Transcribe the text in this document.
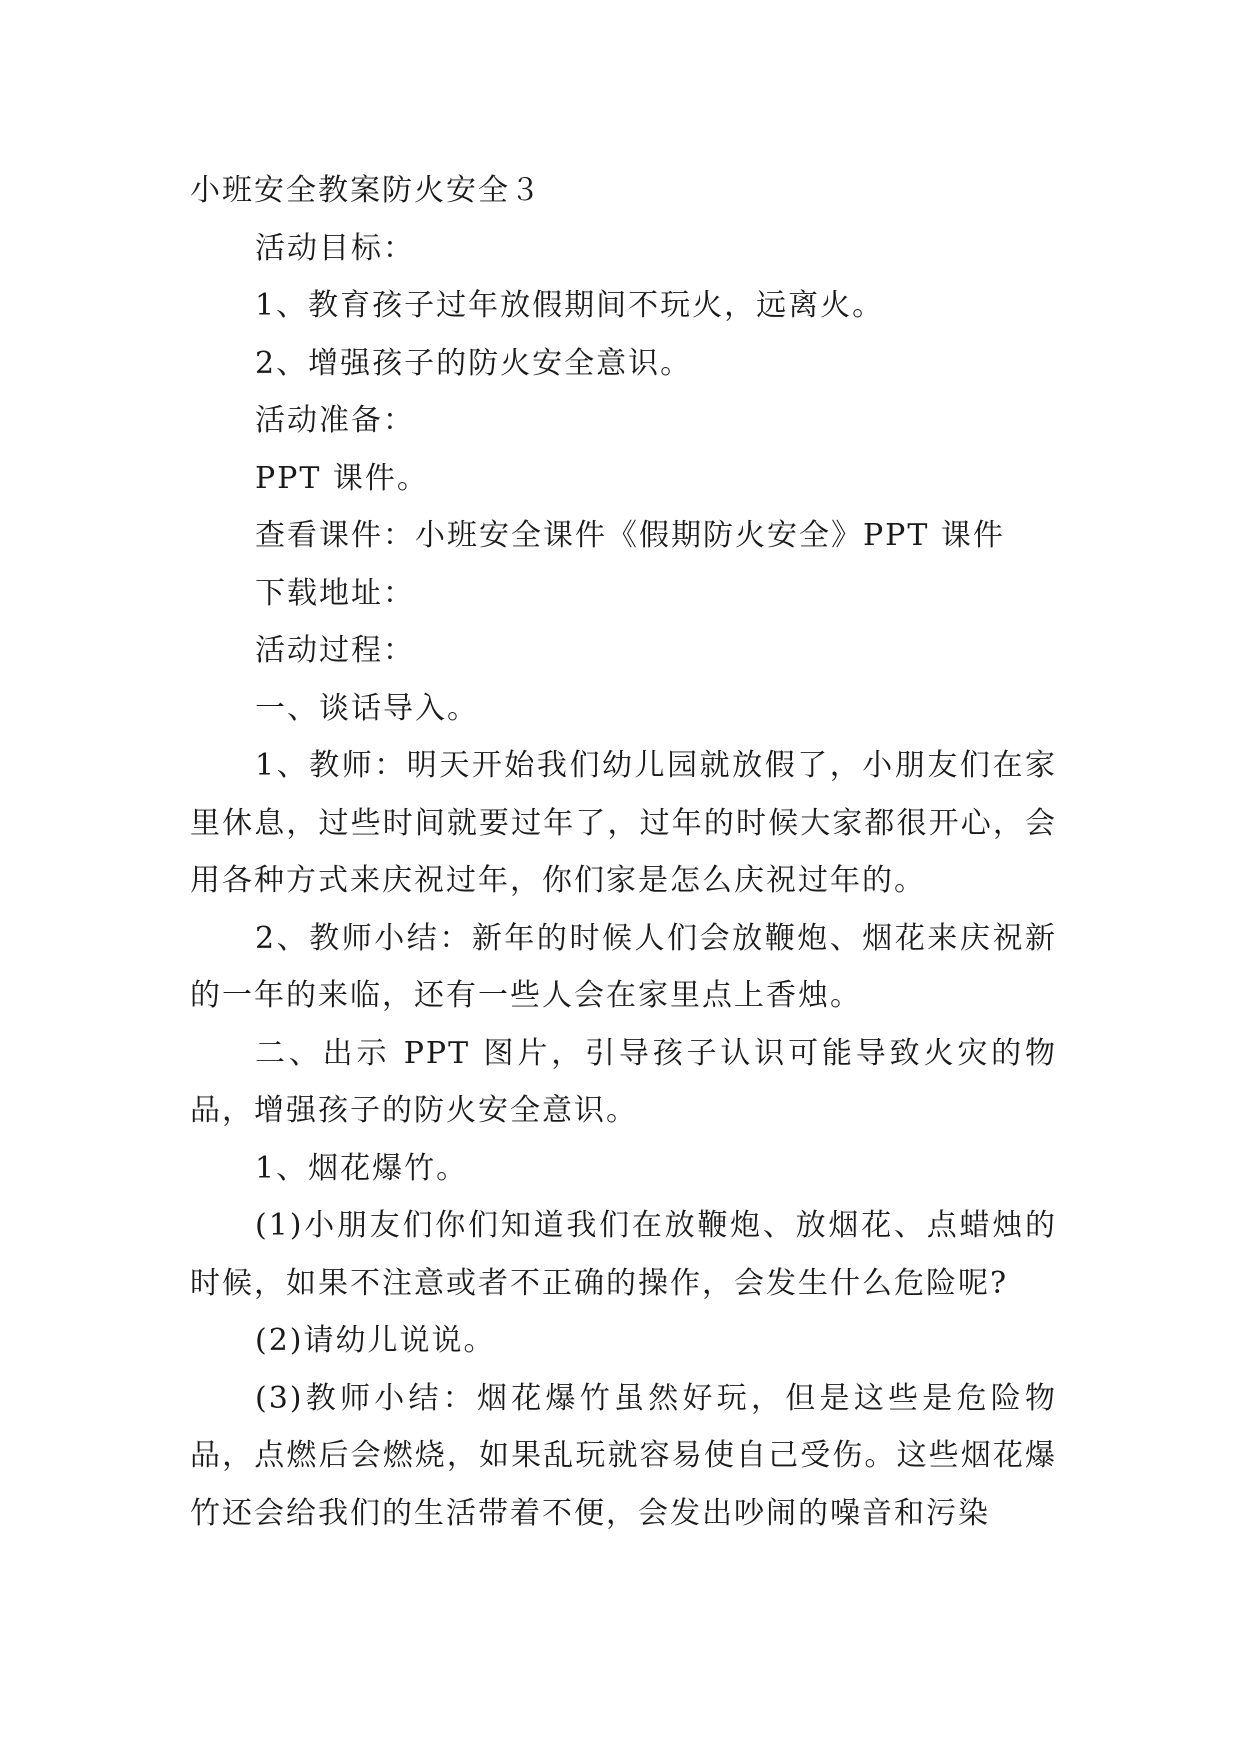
小班安全教案防火安全３

活动目标：

1、教育孩子过年放假期间不玩火，远离火。

2、增强孩子的防火安全意识。

活动准备：

PPT 课件。

查看课件：小班安全课件《假期防火安全》PPT 课件

下载地址：

活动过程：

一、谈话导入。

1、教师：明天开始我们幼儿园就放假了，小朋友们在家里休息，过些时间就要过年了，过年的时候大家都很开心，会用各种方式来庆祝过年，你们家是怎么庆祝过年的。

2、教师小结：新年的时候人们会放鞭炮、烟花来庆祝新的一年的来临，还有一些人会在家里点上香烛。

二、出示 PPT 图片，引导孩子认识可能导致火灾的物品，增强孩子的防火安全意识。

1、烟花爆竹。

(1)小朋友们你们知道我们在放鞭炮、放烟花、点蜡烛的时候，如果不注意或者不正确的操作，会发生什么危险呢?

(2)请幼儿说说。

(3)教师小结：烟花爆竹虽然好玩，但是这些是危险物品，点燃后会燃烧，如果乱玩就容易使自己受伤。这些烟花爆竹还会给我们的生活带着不便，会发出吵闹的噪音和污染
